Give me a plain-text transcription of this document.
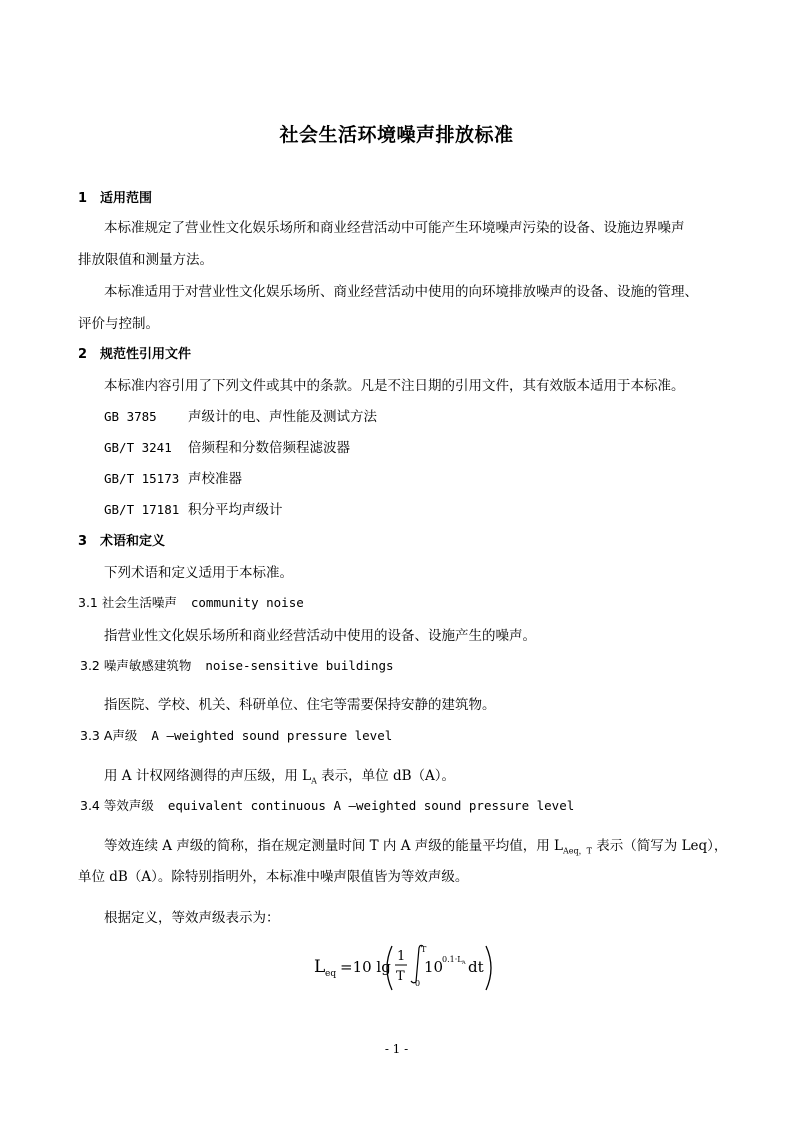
社会生活环境噪声排放标准
1 适用范围
本标准规定了营业性文化娱乐场所和商业经营活动中可能产生环境噪声污染的设备、设施边界噪声
排放限值和测量方法。
本标准适用于对营业性文化娱乐场所、商业经营活动中使用的向环境排放噪声的设备、设施的管理、
评价与控制。
2 规范性引用文件
本标准内容引用了下列文件或其中的条款。凡是不注日期的引用文件，其有效版本适用于本标准。
GB 3785 声级计的电、声性能及测试方法
GB/T 3241 倍频程和分数倍频程滤波器
GB/T 15173 声校准器
GB/T 17181 积分平均声级计
3 术语和定义
下列术语和定义适用于本标准。
3.1 社会生活噪声 community noise
指营业性文化娱乐场所和商业经营活动中使用的设备、设施产生的噪声。
3.2 噪声敏感建筑物 noise-sensitive buildings
指医院、学校、机关、科研单位、住宅等需要保持安静的建筑物。
3.3 A声级 A –weighted sound pressure level
用 A 计权网络测得的声压级，用 $L_A$ 表示，单位 dB（A）。
3.4 等效声级 equivalent continuous A –weighted sound pressure level
等效连续 A 声级的简称，指在规定测量时间 T 内 A 声级的能量平均值，用 $L_{Aeq,T}$ 表示（简写为 Leq），
单位 dB（A）。除特别指明外，本标准中噪声限值皆为等效声级。
根据定义，等效声级表示为：
L eq =10 lg
1
T
T
0
10
0.1·L A dt
- 1 -
